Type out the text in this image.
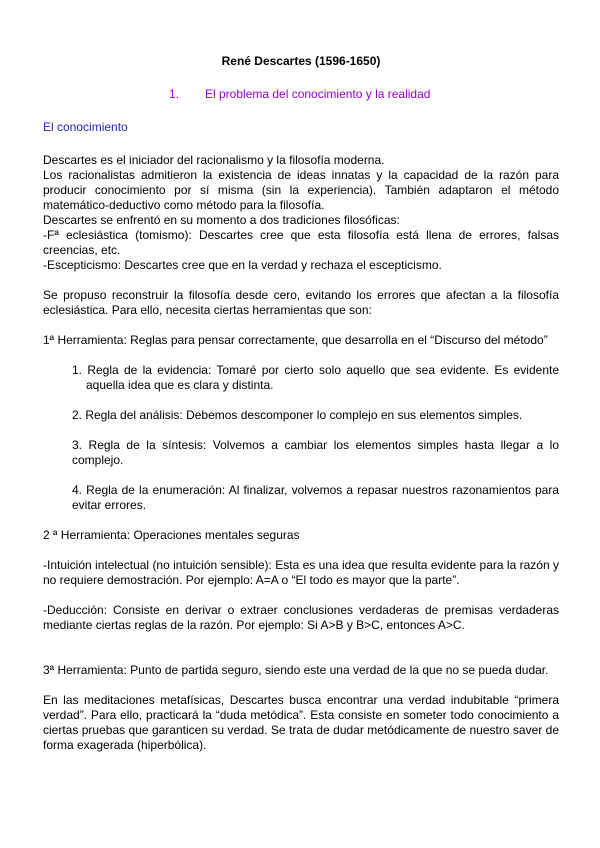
René Descartes (1596-1650)
1. El problema del conocimiento y la realidad
El conocimiento

Descartes es el iniciador del racionalismo y la filosofía moderna.

Los racionalistas admitieron la existencia de ideas innatas y la capacidad de la razón para producir conocimiento por sí misma (sin la experiencia). También adaptaron el método matemático-deductivo como método para la filosofía.

Descartes se enfrentó en su momento a dos tradiciones filosóficas:

-Fª eclesiástica (tomismo): Descartes cree que esta filosofía está llena de errores, falsas creencias, etc.

-Escepticismo: Descartes cree que en la verdad y rechaza el escepticismo.

Se propuso reconstruir la filosofía desde cero, evitando los errores que afectan a la filosofía eclesiástica. Para ello, necesita ciertas herramientas que son:

1ª Herramienta: Reglas para pensar correctamente, que desarrolla en el “Discurso del método”

1. Regla de la evidencia: Tomaré por cierto solo aquello que sea evidente. Es evidente aquella idea que es clara y distinta.

2. Regla del análisis: Debemos descomponer lo complejo en sus elementos simples.

3. Regla de la síntesis: Volvemos a cambiar los elementos simples hasta llegar a lo complejo.

4. Regla de la enumeración: Al finalizar, volvemos a repasar nuestros razonamientos para evitar errores.

2 ª Herramienta: Operaciones mentales seguras

-Intuición intelectual (no intuición sensible): Esta es una idea que resulta evidente para la razón y no requiere demostración. Por ejemplo: A=A o “El todo es mayor que la parte”.

-Deducción: Consiste en derivar o extraer conclusiones verdaderas de premisas verdaderas mediante ciertas reglas de la razón. Por ejemplo: Si A>B y B>C, entonces A>C.

3ª Herramienta: Punto de partida seguro, siendo este una verdad de la que no se pueda dudar.

En las meditaciones metafísicas, Descartes busca encontrar una verdad indubitable “primera verdad”. Para ello, practicará la “duda metódica”. Esta consiste en someter todo conocimiento a ciertas pruebas que garanticen su verdad. Se trata de dudar metódicamente de nuestro saver de forma exagerada (hiperbólica).
